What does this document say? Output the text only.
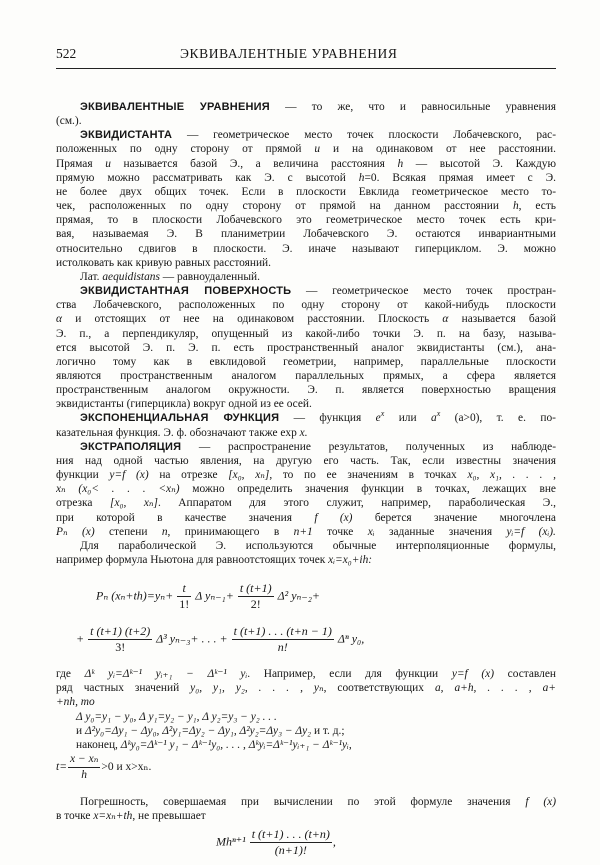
522	ЭКВИВАЛЕНТНЫЕ УРАВНЕНИЯ
ЭКВИВАЛЕНТНЫЕ УРАВНЕНИЯ — то же, что и равносильные уравнения
(см.).
ЭКВИДИСТАНТА — геометрическое место точек плоскости Лобачевского, рас-
положенных по одну сторону от прямой u и на одинаковом от нее расстоянии.
Прямая u называется базой Э., а величина расстояния h — высотой Э. Каждую
прямую можно рассматривать как Э. с высотой h=0. Всякая прямая имеет с Э.
не более двух общих точек. Если в плоскости Евклида геометрическое место то-
чек, расположенных по одну сторону от прямой на данном расстоянии h, есть
прямая, то в плоскости Лобачевского это геометрическое место точек есть кри-
вая, называемая Э. В планиметрии Лобачевского Э. остаются инвариантными
относительно сдвигов в плоскости. Э. иначе называют гиперциклом. Э. можно
истолковать как кривую равных расстояний.
Лат. aequidistans — равноудаленный.
ЭКВИДИСТАНТНАЯ ПОВЕРХНОСТЬ — геометрическое место точек простран-
ства Лобачевского, расположенных по одну сторону от какой-нибудь плоскости
α и отстоящих от нее на одинаковом расстоянии. Плоскость α называется базой
Э. п., а перпендикуляр, опущенный из какой-либо точки Э. п. на базу, называ-
ется высотой Э. п. Э. п. есть пространственный аналог эквидистанты (см.), ана-
логично тому как в евклидовой геометрии, например, параллельные плоскости
являются пространственным аналогом параллельных прямых, а сфера является
пространственным аналогом окружности. Э. п. является поверхностью вращения
эквидистанты (гиперцикла) вокруг одной из ее осей.
ЭКСПОНЕНЦИАЛЬНАЯ ФУНКЦИЯ — функция $e^x$ или $a^x$ (a>0), т. е. по-
казательная функция. Э. ф. обозначают также exp x.
ЭКСТРАПОЛЯЦИЯ — распространение результатов, полученных из наблюде-
ния над одной частью явления, на другую его часть. Так, если известны значения
функции y=f (x) на отрезке [x₀, xₙ], то по ее значениям в точках x₀, x₁, . . . ,
xₙ (x₀< . . . <xₙ) можно определить значения функции в точках, лежащих вне
отрезка [x₀, xₙ]. Аппаратом для этого служит, например, параболическая Э.,
при которой в качестве значения f (x) берется значение многочлена
Pₙ (x) степени n, принимающего в n+1 точке xᵢ заданные значения yᵢ=f (xᵢ).
Для параболической Э. используются обычные интерполяционные формулы,
например формула Ньютона для равноотстоящих точек xᵢ=x₀+ih:
Pₙ $(x_n+th)=y_n+ \frac{t}{1!}$ Δ $y_{n-1}+ \frac{t (t+1)}{2!} \Delta^2$ yₙ₋₂+
+ $\frac{t (t+1) (t+2)}{3!} \Delta^3$ yₙ₋₃+ . . . + $\frac{t (t+1) . . . (t+n - 1)}{n!}$ Δⁿ y₀,
где Δᵏ yᵢ=Δᵏ⁻¹ yᵢ₊₁ − Δᵏ⁻¹ yᵢ. Например, если для функции y=f (x) составлен
ряд частных значений y₀, y₁, y₂, . . . , yₙ, соответствующих a, a+h, . . . , a+
+nh, то
Δ y₀=y₁ − y₀, Δ y₁=y₂ − y₁, Δ y₂=y₃ − y₂ . . .
и Δ²y₀=Δy₁ − Δy₀, Δ²y₁=Δy₂ − Δy₁, Δ²y₂=Δy₃ − Δy₂ и т. д.;
наконец, Δᵏy₀=Δᵏ⁻¹ y₁ − Δᵏ⁻¹y₀, . . . , Δᵏyᵢ=Δᵏ⁻¹yᵢ₊₁ − Δᵏ⁻¹yᵢ,
$t= \frac{\text{x − xₙ}}{h} >0$ и x>xₙ.
Погрешность, совершаемая при вычислении по этой формуле значения f (x)
в точке x=xₙ+th, не превышает
$Mh^{n+1} \frac{t (t+1) . . . (t+n)}{(n+1)!}$ ,
